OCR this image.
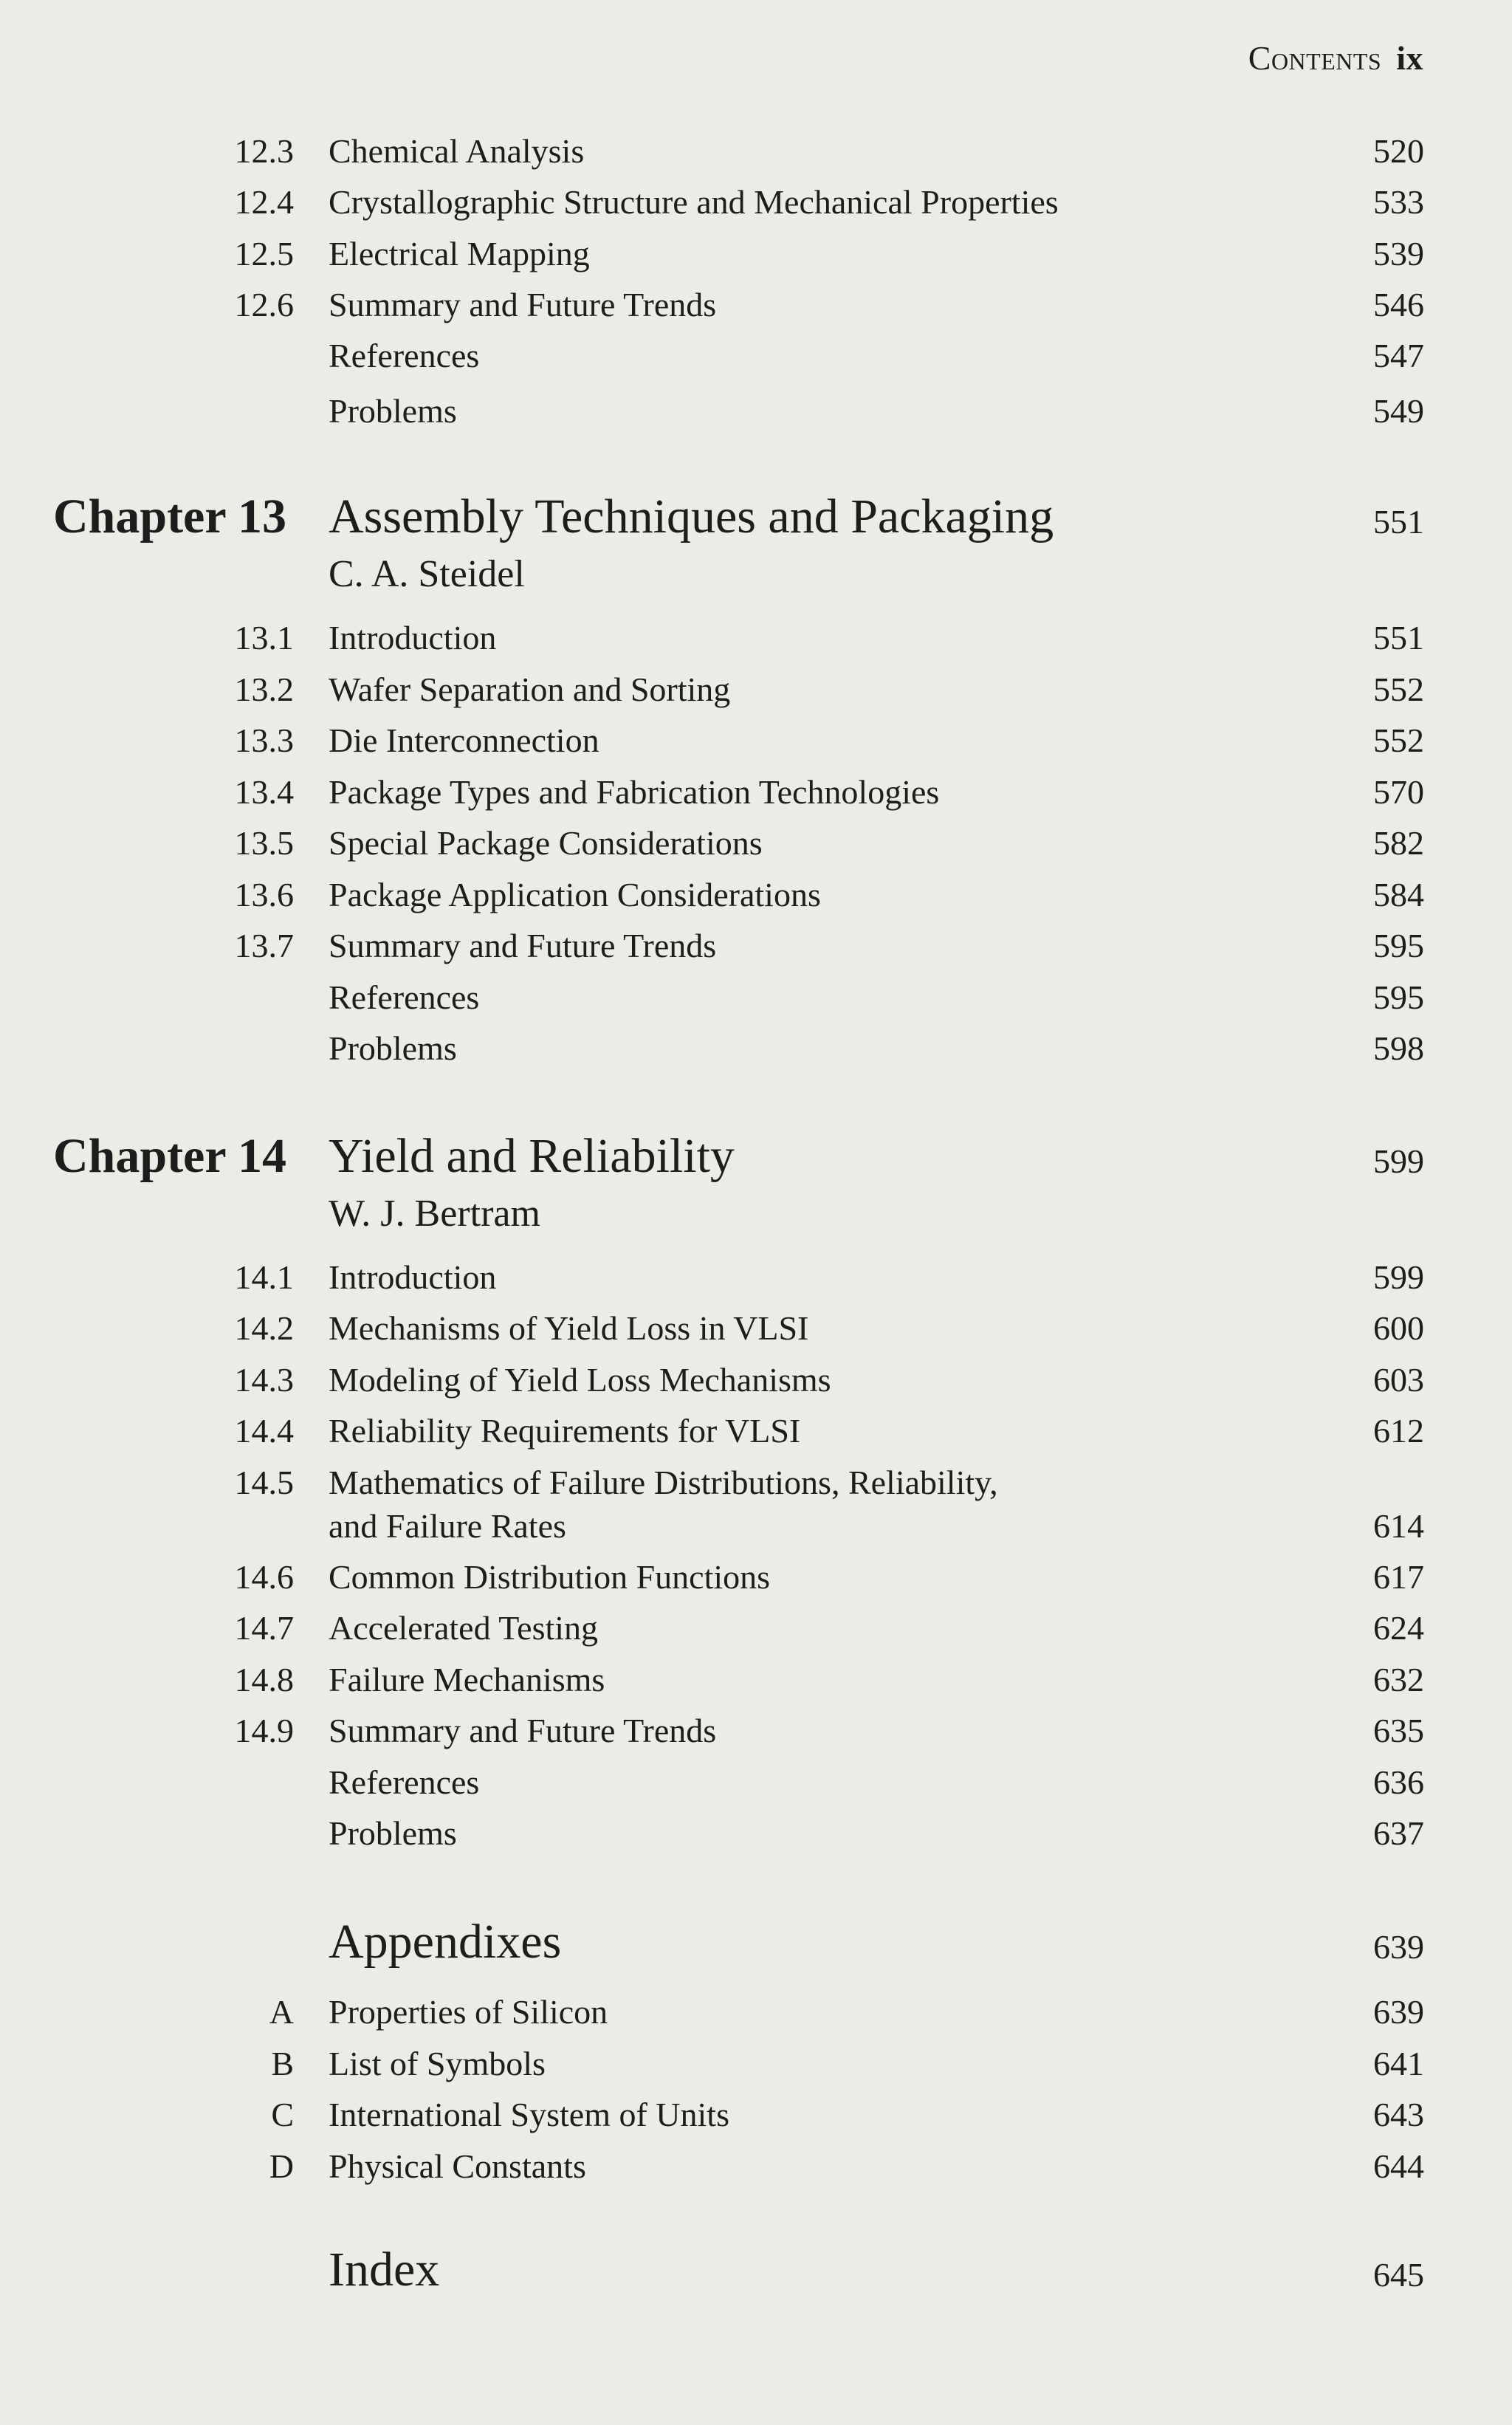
Contents ix
12.3 Chemical Analysis	520
12.4 Crystallographic Structure and Mechanical Properties	533
12.5 Electrical Mapping	539
12.6 Summary and Future Trends	546
References	547
Problems	549
Chapter 13 Assembly Techniques and Packaging	551
C. A. Steidel
13.1 Introduction	551
13.2 Wafer Separation and Sorting	552
13.3 Die Interconnection	552
13.4 Package Types and Fabrication Technologies	570
13.5 Special Package Considerations	582
13.6 Package Application Considerations	584
13.7 Summary and Future Trends	595
References	595
Problems	598
Chapter 14 Yield and Reliability	599
W. J. Bertram
14.1 Introduction	599
14.2 Mechanisms of Yield Loss in VLSI	600
14.3 Modeling of Yield Loss Mechanisms	603
14.4 Reliability Requirements for VLSI	612
14.5 Mathematics of Failure Distributions, Reliability,
and Failure Rates	614
14.6 Common Distribution Functions	617
14.7 Accelerated Testing	624
14.8 Failure Mechanisms	632
14.9 Summary and Future Trends	635
References	636
Problems	637
Appendixes	639
A Properties of Silicon	639
B List of Symbols	641
C International System of Units	643
D Physical Constants	644
Index	645
